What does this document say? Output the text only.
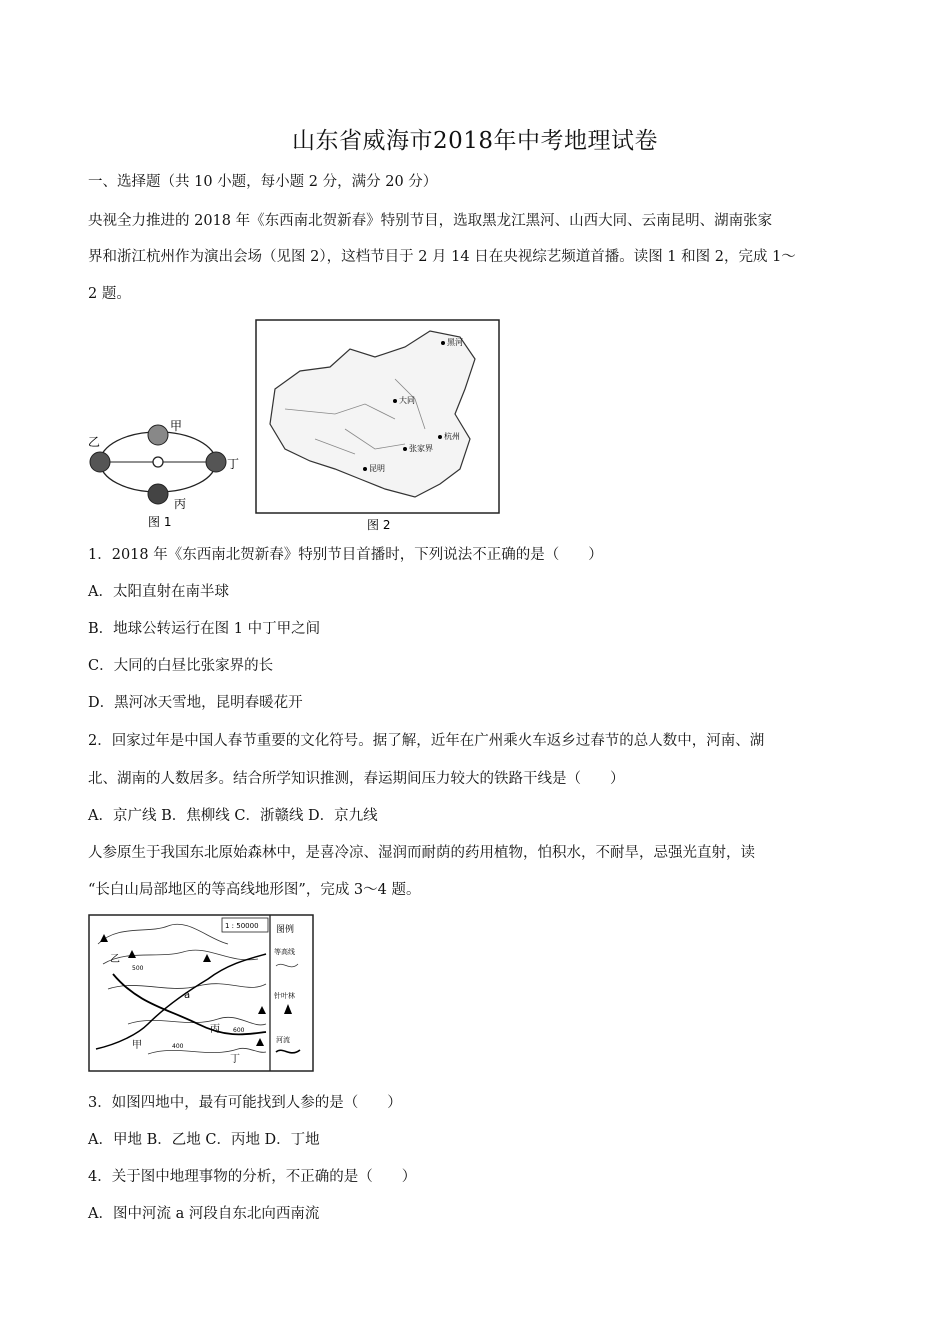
山东省威海市2018年中考地理试卷
一、选择题（共 10 小题，每小题 2 分，满分 20 分）
央视全力推进的 2018 年《东西南北贺新春》特别节目，选取黑龙江黑河、山西大同、云南昆明、湖南张家
界和浙江杭州作为演出会场（见图 2），这档节目于 2 月 14 日在央视综艺频道首播。读图 1 和图 2，完成 1～
2 题。
甲
乙
丙
丁
图 1
黑河
大同
杭州
张家界
昆明
图 2
1．2018 年《东西南北贺新春》特别节目首播时，下列说法不正确的是（　　）
A．太阳直射在南半球
B．地球公转运行在图 1 中丁甲之间
C．大同的白昼比张家界的长
D．黑河冰天雪地，昆明春暖花开
2．回家过年是中国人春节重要的文化符号。据了解，近年在广州乘火车返乡过春节的总人数中，河南、湖
北、湖南的人数居多。结合所学知识推测，春运期间压力较大的铁路干线是（　　）
A．京广线 B．焦柳线 C．浙赣线 D．京九线
人参原生于我国东北原始森林中，是喜冷凉、湿润而耐荫的药用植物，怕积水，不耐旱，忌强光直射，读
“长白山局部地区的等高线地形图”，完成 3～4 题。
1 : 50000
甲
乙
丙
丁
a
400
500
600
图例
等高线
针叶林
河流
3．如图四地中，最有可能找到人参的是（　　）
A．甲地 B．乙地 C．丙地 D．丁地
4．关于图中地理事物的分析，不正确的是（　　）
A．图中河流 a 河段自东北向西南流
